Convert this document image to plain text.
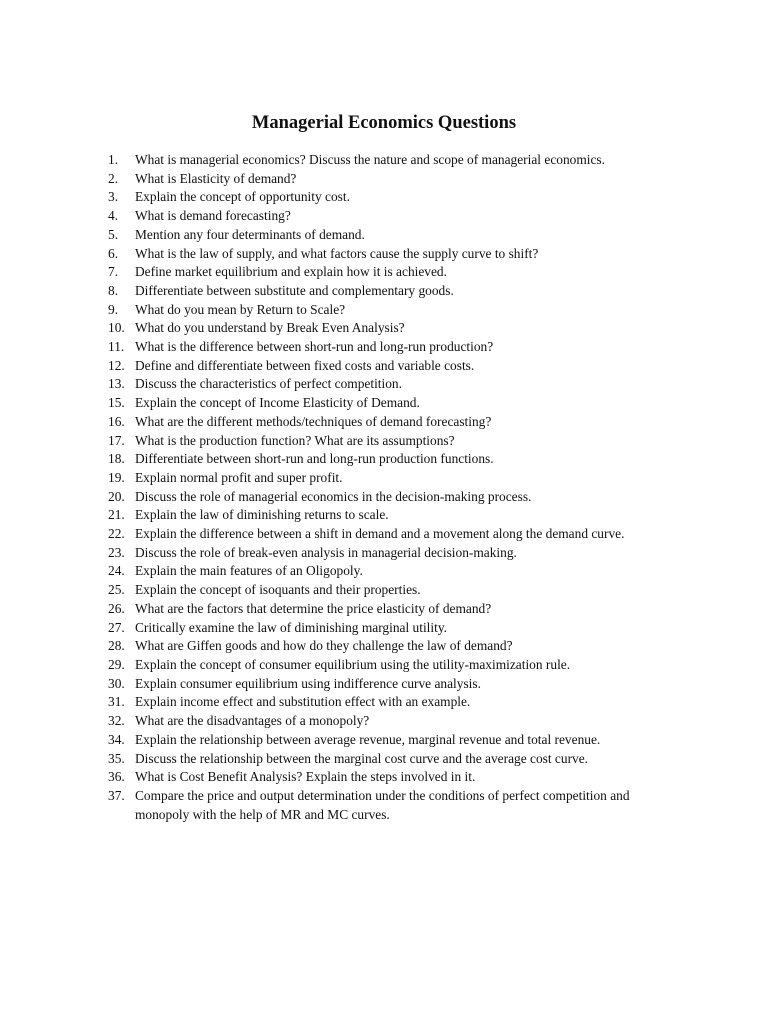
Managerial Economics Questions
1.	What is managerial economics? Discuss the nature and scope of managerial economics.
2.	What is Elasticity of demand?
3.	Explain the concept of opportunity cost.
4.	What is demand forecasting?
5.	Mention any four determinants of demand.
6.	What is the law of supply, and what factors cause the supply curve to shift?
7.	Define market equilibrium and explain how it is achieved.
8.	Differentiate between substitute and complementary goods.
9.	What do you mean by Return to Scale?
10. What do you understand by Break Even Analysis?
11. What is the difference between short-run and long-run production?
12. Define and differentiate between fixed costs and variable costs.
13. Discuss the characteristics of perfect competition.
15. Explain the concept of Income Elasticity of Demand.
16. What are the different methods/techniques of demand forecasting?
17. What is the production function? What are its assumptions?
18. Differentiate between short-run and long-run production functions.
19. Explain normal profit and super profit.
20. Discuss the role of managerial economics in the decision-making process.
21. Explain the law of diminishing returns to scale.
22. Explain the difference between a shift in demand and a movement along the demand curve.
23. Discuss the role of break-even analysis in managerial decision-making.
24. Explain the main features of an Oligopoly.
25. Explain the concept of isoquants and their properties.
26. What are the factors that determine the price elasticity of demand?
27. Critically examine the law of diminishing marginal utility.
28. What are Giffen goods and how do they challenge the law of demand?
29. Explain the concept of consumer equilibrium using the utility-maximization rule.
30. Explain consumer equilibrium using indifference curve analysis.
31. Explain income effect and substitution effect with an example.
32. What are the disadvantages of a monopoly?
34. Explain the relationship between average revenue, marginal revenue and total revenue.
35. Discuss the relationship between the marginal cost curve and the average cost curve.
36. What is Cost Benefit Analysis? Explain the steps involved in it.
37. Compare the price and output determination under the conditions of perfect competition and monopoly with the help of MR and MC curves.
